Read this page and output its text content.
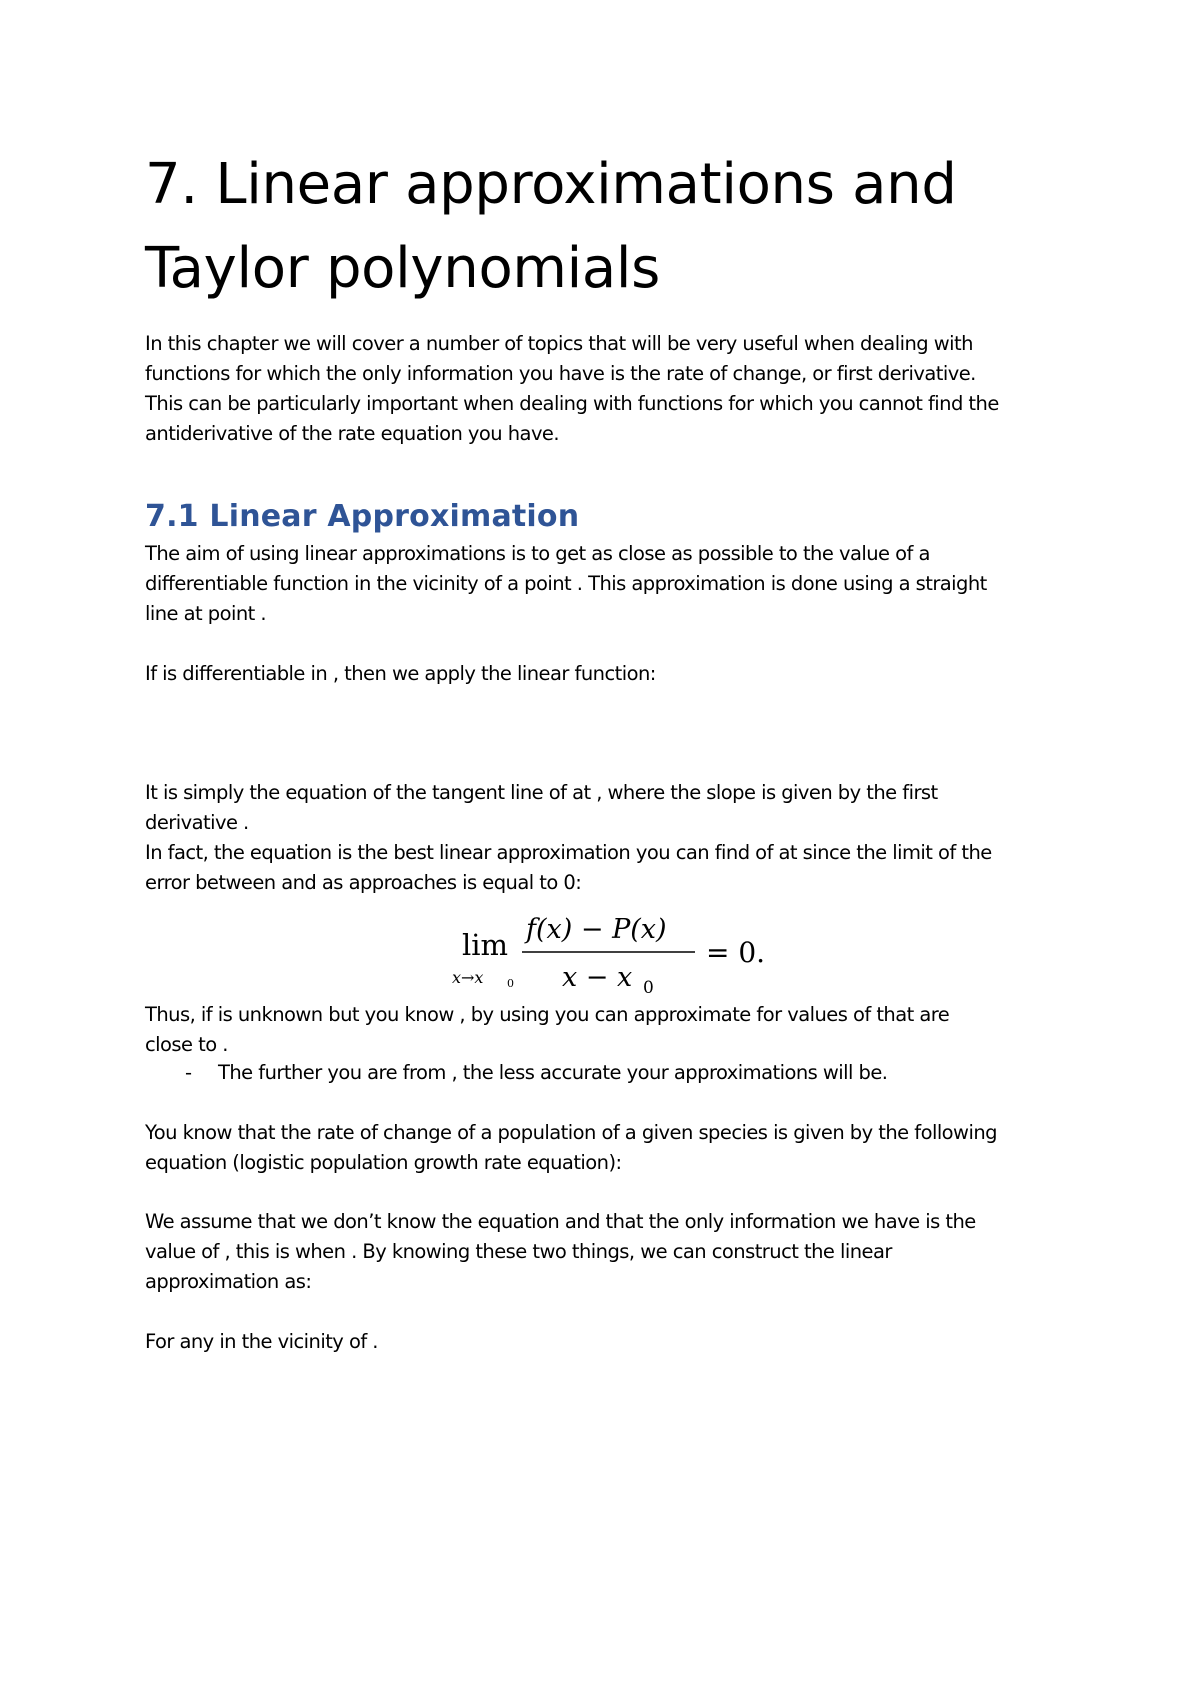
7. Linear approximations and
Taylor polynomials

In this chapter we will cover a number of topics that will be very useful when dealing with
functions for which the only information you have is the rate of change, or first derivative.
This can be particularly important when dealing with functions for which you cannot find the
antiderivative of the rate equation you have.

7.1 Linear Approximation

The aim of using linear approximations is to get as close as possible to the value of a
differentiable function in the vicinity of a point . This approximation is done using a straight
line at point .

If is differentiable in , then we apply the linear function:

It is simply the equation of the tangent line of at , where the slope is given by the first
derivative .
In fact, the equation is the best linear approximation you can find of at since the limit of the
error between and as approaches is equal to 0:

lim
x→x 0
f(x) − P(x)
x − x 0
= 0.

Thus, if is unknown but you know , by using you can approximate for values of that are
close to .

- The further you are from , the less accurate your approximations will be.

You know that the rate of change of a population of a given species is given by the following
equation (logistic population growth rate equation):

We assume that we don’t know the equation and that the only information we have is the
value of , this is when . By knowing these two things, we can construct the linear
approximation as:

For any in the vicinity of .
